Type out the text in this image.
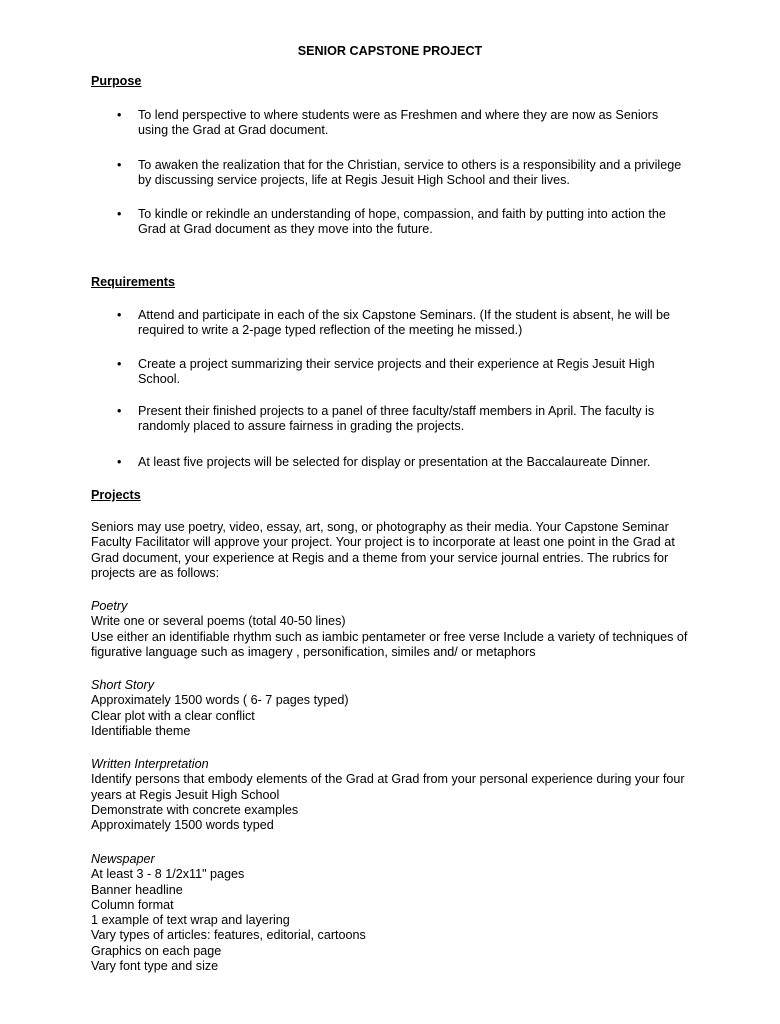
SENIOR CAPSTONE PROJECT
Purpose
•	To lend perspective to where students were as Freshmen and where they are now as Seniors using the Grad at Grad document.
•	To awaken the realization that for the Christian, service to others is a responsibility and a privilege by discussing service projects, life at Regis Jesuit High School and their lives.
•	To kindle or rekindle an understanding of hope, compassion, and faith by putting into action the Grad at Grad document as they move into the future.
Requirements
•	Attend and participate in each of the six Capstone Seminars. (If the student is absent, he will be required to write a 2-page typed reflection of the meeting he missed.)
•	Create a project summarizing their service projects and their experience at Regis Jesuit High School.
•	Present their finished projects to a panel of three faculty/staff members in April. The faculty is randomly placed to assure fairness in grading the projects.
•	At least five projects will be selected for display or presentation at the Baccalaureate Dinner.
Projects
Seniors may use poetry, video, essay, art, song, or photography as their media. Your Capstone Seminar Faculty Facilitator will approve your project. Your project is to incorporate at least one point in the Grad at Grad document, your experience at Regis and a theme from your service journal entries. The rubrics for projects are as follows:
Poetry
Write one or several poems (total 40-50 lines)
Use either an identifiable rhythm such as iambic pentameter or free verse Include a variety of techniques of figurative language such as imagery , personification, similes and/ or metaphors
Short Story
Approximately 1500 words ( 6- 7 pages typed)
Clear plot with a clear conflict
Identifiable theme
Written Interpretation
Identify persons that embody elements of the Grad at Grad from your personal experience during your four years at Regis Jesuit High School
Demonstrate with concrete examples
Approximately 1500 words typed
Newspaper
At least 3 - 8 1/2x11" pages
Banner headline
Column format
1 example of text wrap and layering
Vary types of articles: features, editorial, cartoons
Graphics on each page
Vary font type and size
